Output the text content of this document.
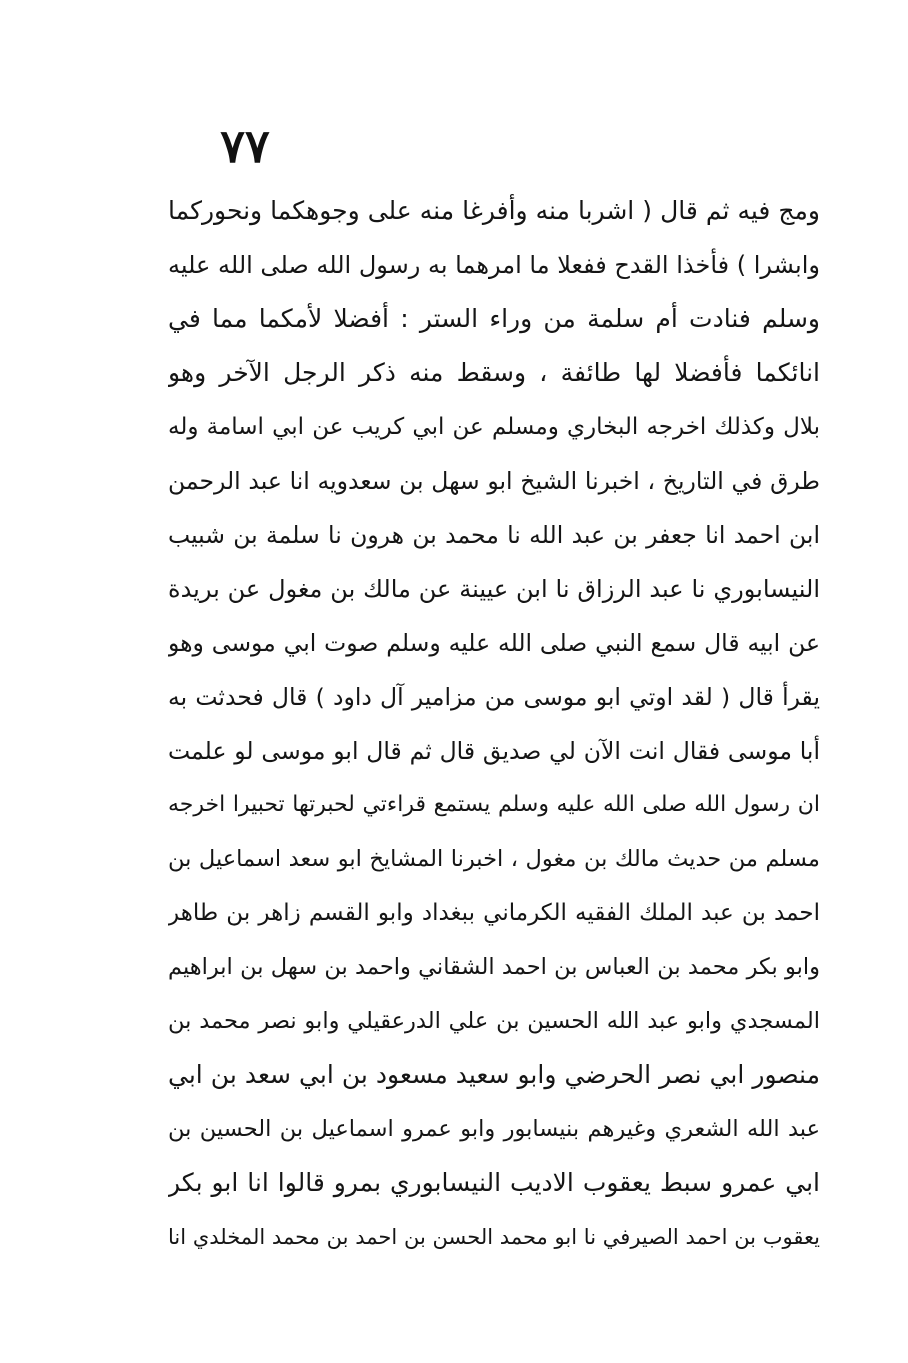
٧٧
ومج فيه ثم قال ( اشربا منه وأفرغا منه على وجوهكما ونحوركما
وابشرا ) فأخذا القدح ففعلا ما امرهما به رسول الله صلى الله عليه
وسلم فنادت أم سلمة من وراء الستر : أفضلا لأمكما مما في
انائكما فأفضلا لها طائفة ، وسقط منه ذكر الرجل الآخر وهو
بلال وكذلك اخرجه البخاري ومسلم عن ابي كريب عن ابي اسامة وله
طرق في التاريخ ، اخبرنا الشيخ ابو سهل بن سعدويه انا عبد الرحمن
ابن احمد انا جعفر بن عبد الله نا محمد بن هرون نا سلمة بن شبيب
النيسابوري نا عبد الرزاق نا ابن عيينة عن مالك بن مغول عن بريدة
عن ابيه قال سمع النبي صلى الله عليه وسلم صوت ابي موسى وهو
يقرأ قال ( لقد اوتي ابو موسى من مزامير آل داود ) قال فحدثت به
أبا موسى فقال انت الآن لي صديق قال ثم قال ابو موسى لو علمت
ان رسول الله صلى الله عليه وسلم يستمع قراءتي لحبرتها تحبيرا اخرجه
مسلم من حديث مالك بن مغول ، اخبرنا المشايخ ابو سعد اسماعيل بن
احمد بن عبد الملك الفقيه الكرماني ببغداد وابو القسم زاهر بن طاهر
وابو بكر محمد بن العباس بن احمد الشقاني واحمد بن سهل بن ابراهيم
المسجدي وابو عبد الله الحسين بن علي الدرعقيلي وابو نصر محمد بن
منصور ابي نصر الحرضي وابو سعيد مسعود بن ابي سعد بن ابي
عبد الله الشعري وغيرهم بنيسابور وابو عمرو اسماعيل بن الحسين بن
ابي عمرو سبط يعقوب الاديب النيسابوري بمرو قالوا انا ابو بكر
يعقوب بن احمد الصيرفي نا ابو محمد الحسن بن احمد بن محمد المخلدي انا
